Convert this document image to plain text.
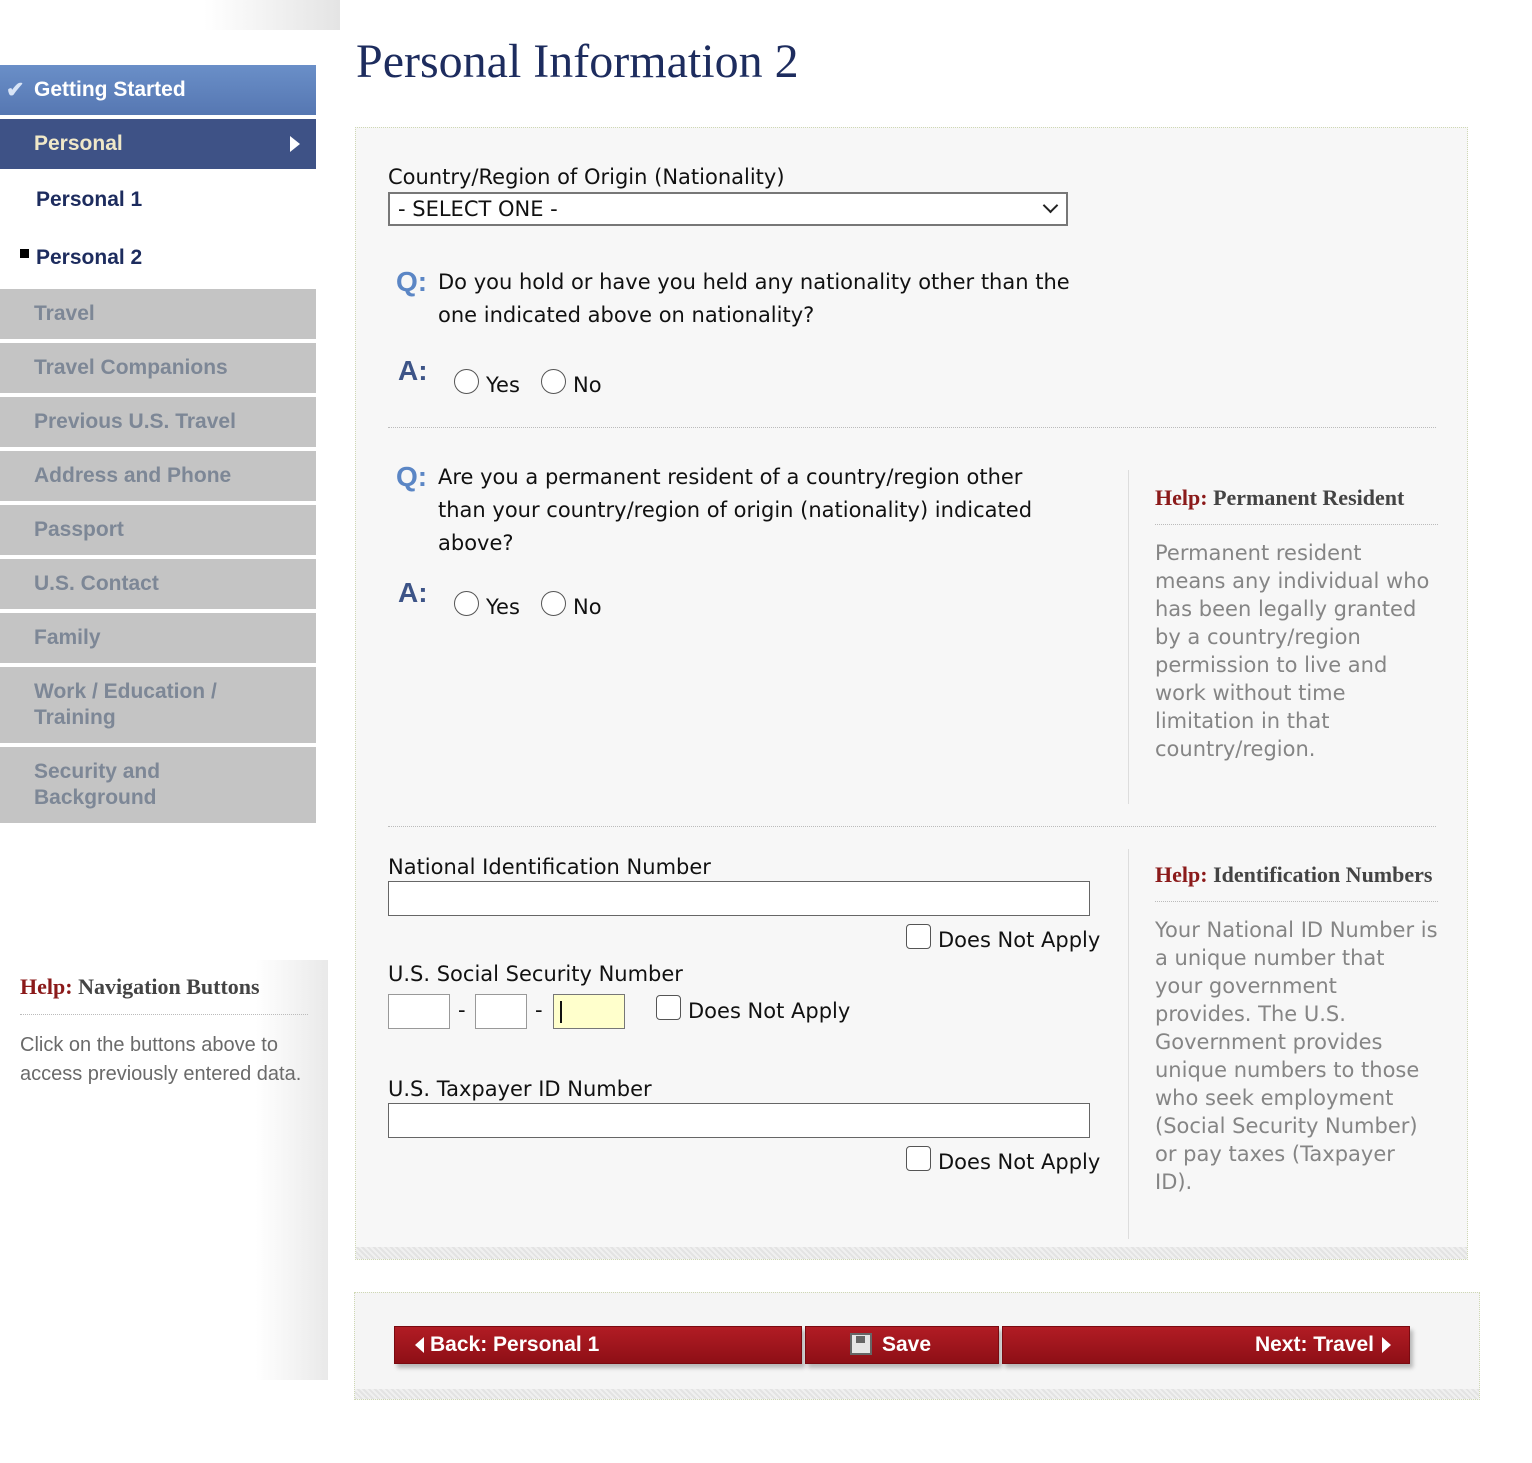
✔ Getting Started
Personal
Personal 1
Personal 2
Travel
Travel Companions
Previous U.S. Travel
Address and Phone
Passport
U.S. Contact
Family
Work / Education /
Training
Security and
Background
Help: Navigation Buttons

Click on the buttons above to access previously entered data.

Personal Information 2
Country/Region of Origin (Nationality)
- SELECT ONE -
Q: Do you hold or have you held any nationality other than the
one indicated above on nationality?
A:	Yes	No
Q: Are you a permanent resident of a country/region other
than your country/region of origin (nationality) indicated
above?
A:	Yes	No
Help: Permanent Resident

Permanent resident means any individual who has been legally granted by a country/region permission to live and work without time limitation in that country/region.

National Identification Number
Does Not Apply
U.S. Social Security Number
-	-	Does Not Apply
U.S. Taxpayer ID Number
Does Not Apply
Help: Identification Numbers

Your National ID Number is a unique number that your government provides. The U.S. Government provides unique numbers to those who seek employment (Social Security Number) or pay taxes (Taxpayer ID).

Back: Personal 1	Save	Next: Travel
